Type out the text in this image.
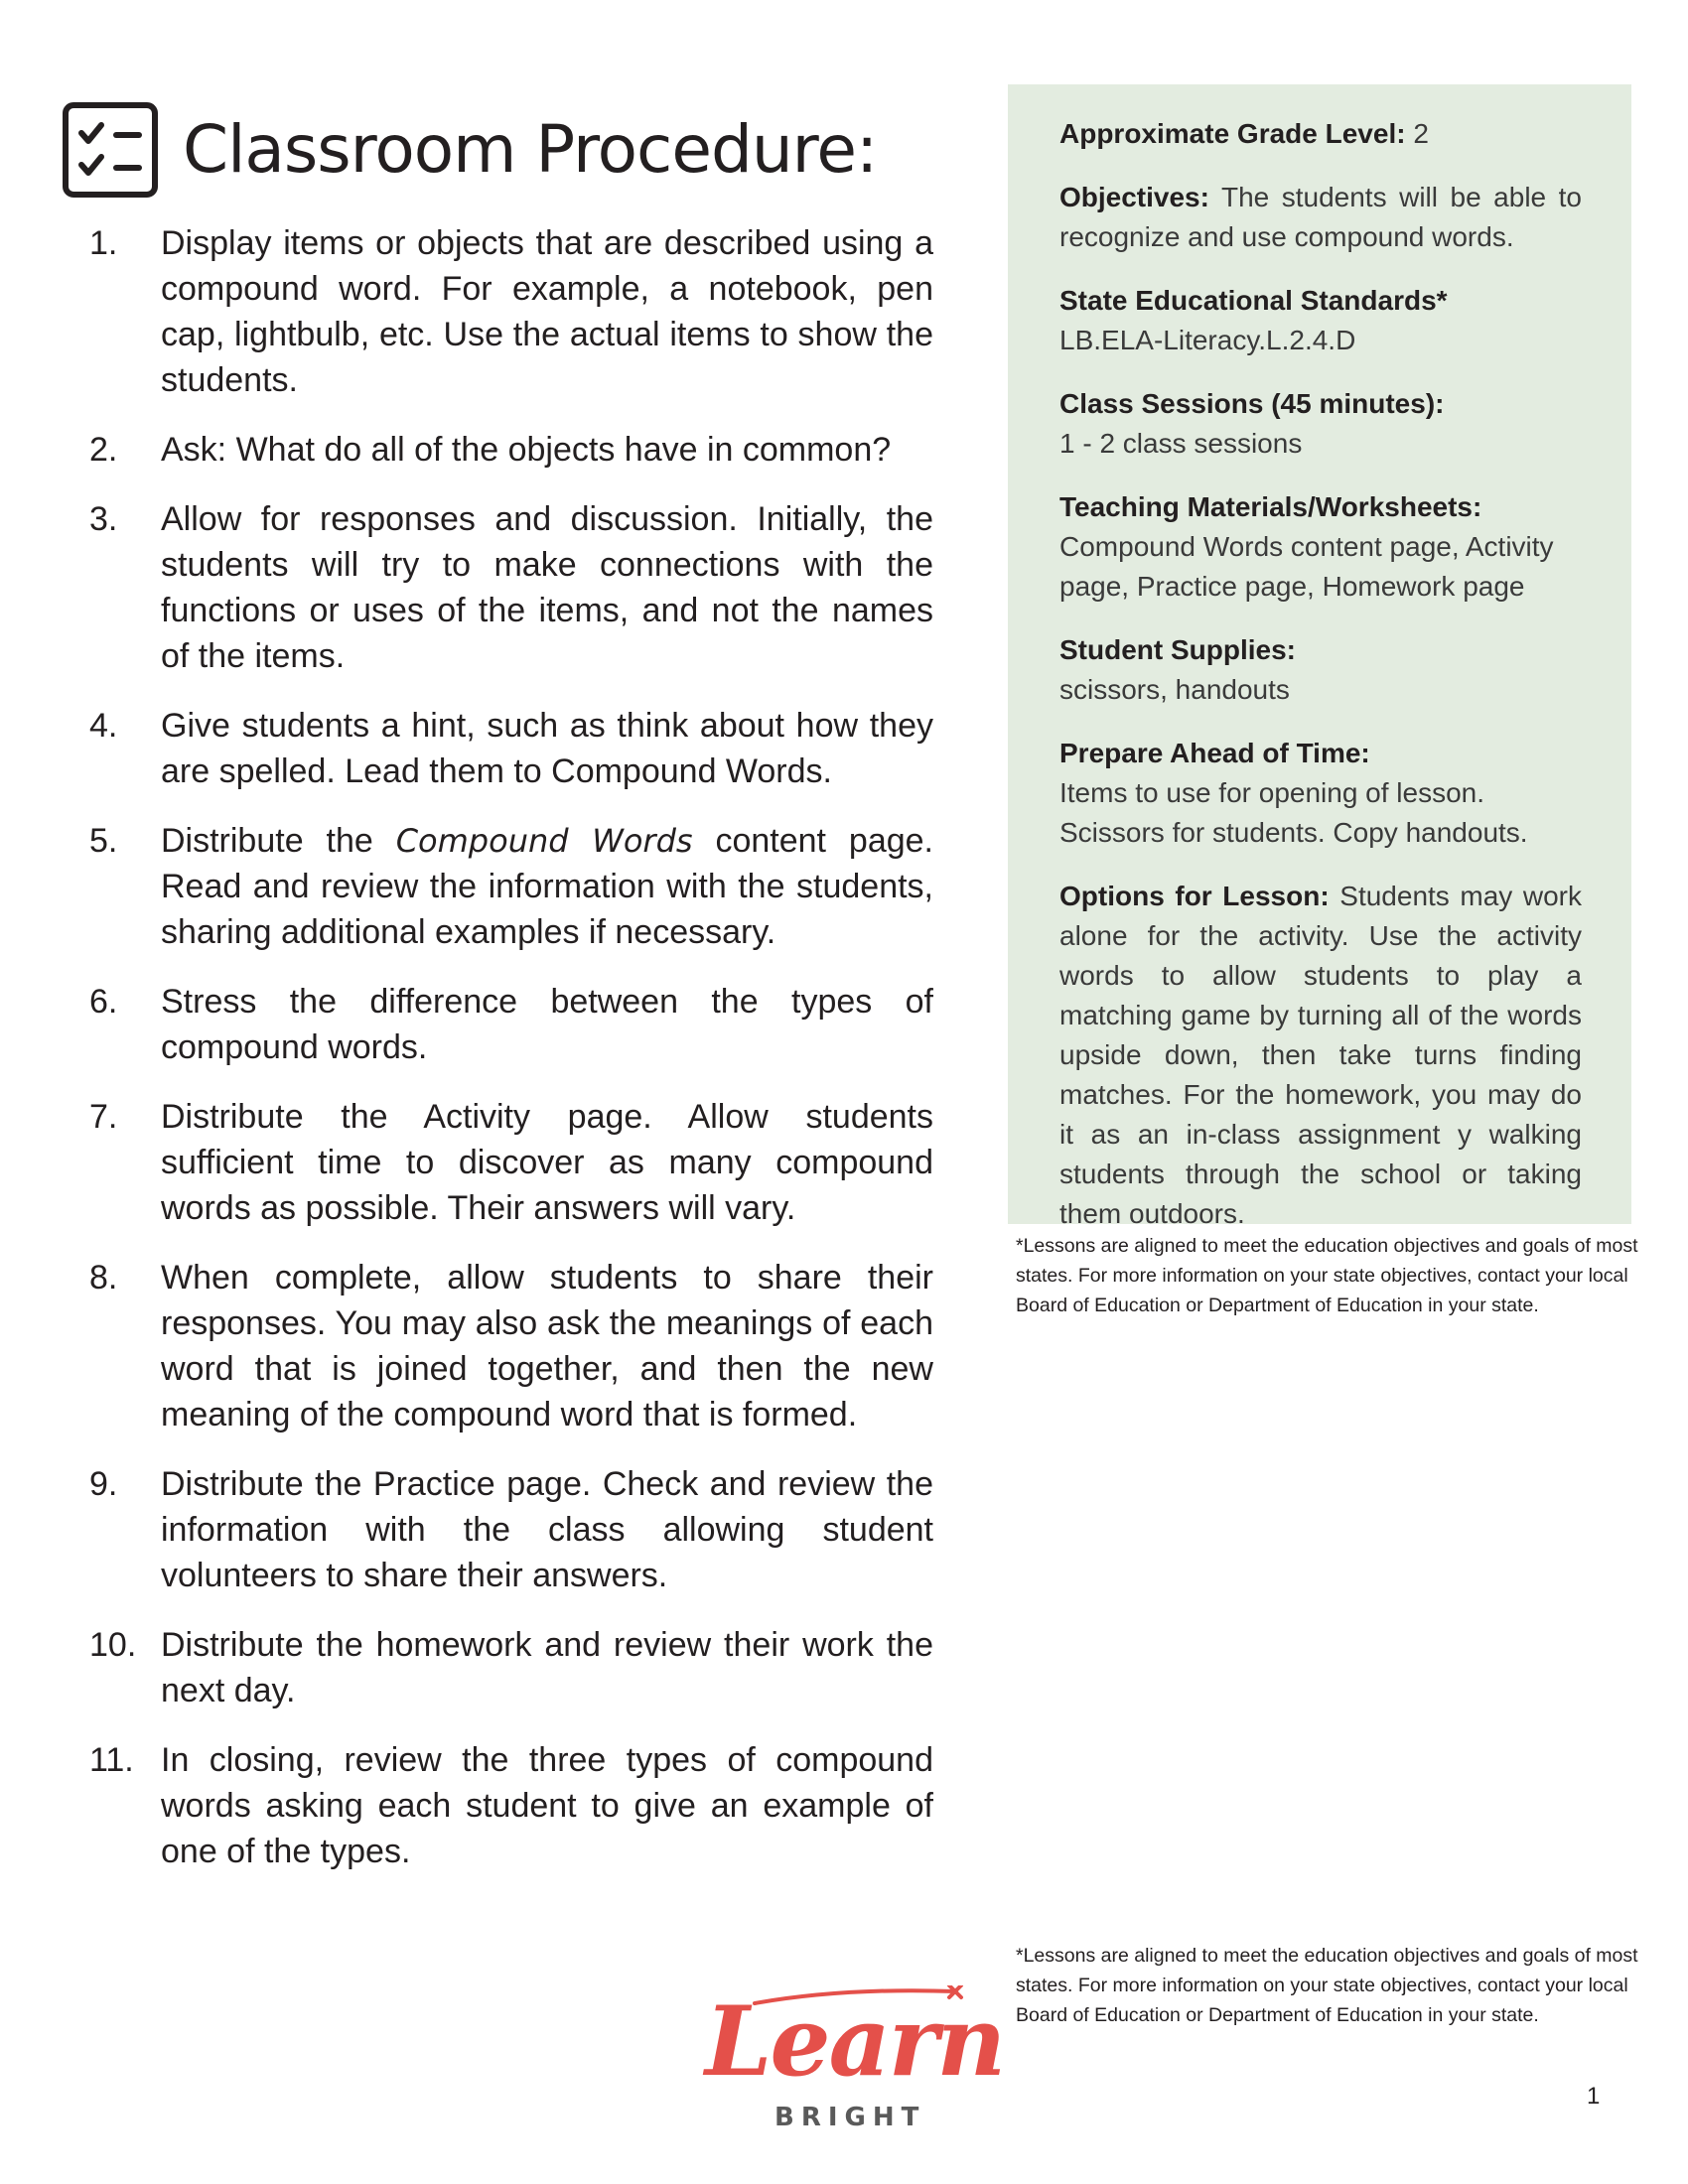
Classroom Procedure:
1.	Display items or objects that are described using a compound word. For example, a notebook, pen cap, lightbulb, etc. Use the actual items to show the students.
2.	Ask: What do all of the objects have in common?
3.	Allow for responses and discussion. Initially, the students will try to make connections with the functions or uses of the items, and not the names of the items.
4.	Give students a hint, such as think about how they are spelled. Lead them to Compound Words.
5.	Distribute the Compound Words content page. Read and review the information with the students, sharing additional examples if necessary.
6.	Stress the difference between the types of compound words.
7.	Distribute the Activity page. Allow students sufficient time to discover as many compound words as possible. Their answers will vary.
8.	When complete, allow students to share their responses. You may also ask the meanings of each word that is joined together, and then the new meaning of the compound word that is formed.
9.	Distribute the Practice page. Check and review the information with the class allowing student volunteers to share their answers.
10. Distribute the homework and review their work the next day.
11. In closing, review the three types of compound words asking each student to give an example of one of the types.
Approximate Grade Level: 2
Objectives: The students will be able to recognize and use compound words.
State Educational Standards*
LB.ELA-Literacy.L.2.4.D
Class Sessions (45 minutes):
1 - 2 class sessions
Teaching Materials/Worksheets:
Compound Words content page, Activity page, Practice page, Homework page
Student Supplies:
scissors, handouts
Prepare Ahead of Time:
Items to use for opening of lesson.
Scissors for students. Copy handouts.
Options for Lesson: Students may work alone for the activity. Use the activity words to allow students to play a matching game by turning all of the words upside down, then take turns finding matches. For the homework, you may do it as an in-class assignment y walking students through the school or taking them outdoors.
*Lessons are aligned to meet the education objectives and goals of most states. For more information on your state objectives, contact your local Board of Education or Department of Education in your state.
*Lessons are aligned to meet the education objectives and goals of most states. For more information on your state objectives, contact your local Board of Education or Department of Education in your state.
Learn
BRIGHT
1
